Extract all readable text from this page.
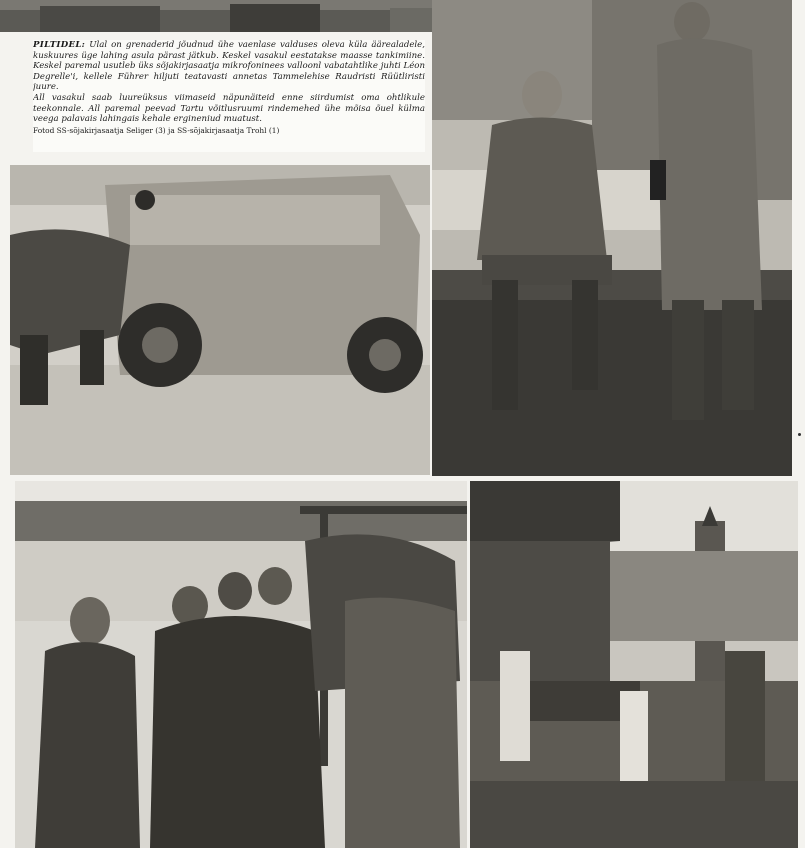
PILTIDEL: Ülal on grenaderid jõudnud ühe vaenlase valduses oleva küla äärealadele, kuskuures üge lahing asula pärast jätkub. Keskel vasakul eestatakse maasse tankimiine. Keskel paremal usutleb üks sõjakirjasaatja mikrofoninees valloonl vabatahtlike juhti Léon Degrelle'i, kellele Führer hiljuti teatavasti annetas Tammelehise Raudristi Rüütliristi juure.

All vasakul saab luureüksus viimaseid näpunäiteid enne siirdumist oma ohtlikule teekonnale. All paremal peevad Tartu võitlusruumi rindemehed ühe mõisa õuel külma veega palavais lahingais kehale ergineniud muatust.

Fotod SS-sõjakirjasaatja Seliger (3) ja SS-sõjakirjasaatja Trohl (1)
